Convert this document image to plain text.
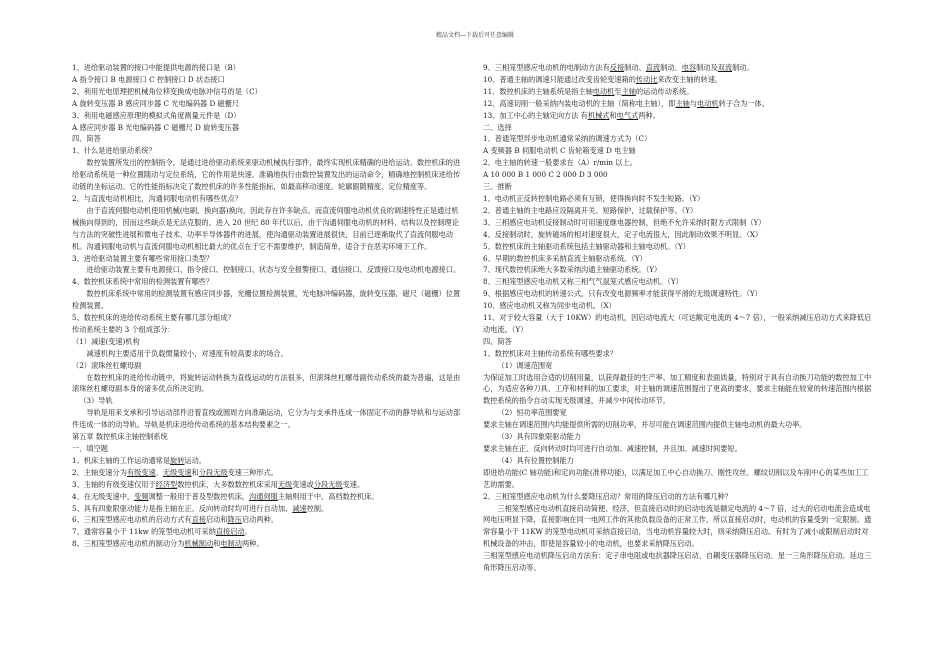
精品文档---下载后可任意编辑

1、进给驱动装置的接口中能提供电源的接口是（B）

A 指令接口 B 电源接口 C 控制接口 D 状态接口

2、利用光电原理把机械角位移变换成电脉冲信号的是（C）

A 旋转变压器 B 感应同步器 C 光电编码器 D 磁栅尺

3、利用电磁感应原理的模拟式角度测量元件是（D）

A 感应同步器 B 光电编码器 C 磁栅尺 D 旋转变压器

四、简答

1、什么是进给驱动系统？

数控装置所发出的控制指令，是通过进给驱动系统来驱动机械执行部件，最终实现机床精确的进给运动。数控机床的进给驱动系统是一种位置随动与定位系统，它的作用是快速、准确地执行由数控装置发出的运动命令，精确地控制机床进给传动链的坐标运动。它的性能指标决定了数控机床的许多性能指标，如最高移动速度、轮廓跟随精度、定位精度等。

2、与直流电动机相比，沟通伺服电动机有哪些优点？

由于直流伺服电动机使用机械(电刷、换向器)换向，因此存在许多缺点。而直流伺服电动机优良的调速特性正是通过机械换向得到的，因而这些缺点是无法克服的。进入 20 世纪 80 年代以后，由于沟通伺服电动机的材料、结构以及控制理论与方法的突破性进展和微电子技术、功率半导体器件的进展，使沟通驱动装置进展很快，目前已逐渐取代了直流伺服电动机。沟通伺服电动机与直流伺服电动机相比最大的优点在于它不需要维护，制造简单，适合于在恶劣环境下工作。

3、进给驱动装置主要有哪些常用接口类型？

进给驱动装置主要有电源接口、指令接口、控制接口、状态与安全报警接口、通信接口、反馈接口及电动机电源接口。

4、数控机床系统中常用的检测装置有哪些？

数控机床系统中常用的检测装置有感应同步器，光栅位置检测装置，光电脉冲编码器，旋转变压器，磁尺（磁栅）位置检测装置。

5、数控机床的进给传动系统主要有哪几部分组成？

传动系统主要的 3 个组成部分：

（1）减速(变速)机构

减速机构主要适用于负载惯量较小，对速度有较高要求的场合。

（2）滚珠丝杠螺母副

在数控机床的进给传动链中，将旋转运动转换为直线运动的方法很多，但滚珠丝杠螺母副传动系统的最为普遍，这是由滚珠丝杠螺母副本身的诸多优点所决定的。

（3）导轨

导轨是用来支承和引导运动部件沿着直线或圆周方向准确运动，它分为与支承件连成一体固定不动的静导轨和与运动部件连成一体的动导轨。导轨是机床进给传动系统的基本结构要素之一。

第五章 数控机床主轴控制系统

一、填空题

1、机床主轴的工作运动通常是旋转运动。

2、主轴变速分为有级变速、无级变速和分段无级变速三种形式。

3、主轴的有级变速仅用于经济型数控机床，大多数数控机床采用无级变速或分段无级变速。

4、在无级变速中，变频调整一般用于普及型数控机床，沟通伺服主轴则用于中、高档数控机床。

5、具有四象限驱动能力是指主轴在正、反向转动时均可进行自动加、减速控制。

6、三相笼型感应电动机的启动方式有直接启动和降压启动两种。

7、通常容量小于 11kw 的笼型电动机可采纳直接启动。

8、三相笼型感应电动机的制动分为机械制动和电制动两种。

9、三相笼型感应电动机的电制动方法有反接制动、直流制动、电容制动及双流制动。

10、普通主轴的调速只能通过改变齿轮变速箱的传动比来改变主轴的转速。

11、数控机床的主轴系统是指主轴电动机至主轴的运动传动系统。

12、高速切削一般采纳内装电动机的主轴（简称电主轴），即主轴与电动机转子合为一体。

13、加工中心的主轴定向方法 有机械式和电气式两种。

二、选择

1、普通笼型异步电动机通常采纳的调速方式为（C）

A 变频器 B 伺服电动机 C 齿轮箱变速 D 电主轴

2、电主轴的转速一般要求在（A）r/min 以上。

A 10 000 B 1 000 C 2 000 D 3 000

三、推断

1、电动机正反转控制电路必须有互锁，使得换向时不发生短路。（Y）

2、普通主轴的主电路应设隔离开关、短路保护，过载保护等。（Y）

3、三相感应电动机反接制动时可用速度继电器控制，但绝不允许采纳时限方式限制（Y）

4、反接制动时，旋转磁场的相对速度很大，定子电流很大，因此制动效果不明显。（X）

5、数控机床的主轴驱动系统包括主轴驱动器和主轴电动机。（Y）

6、早期的数控机床多采纳直流主轴驱动系统。（Y）

7、现代数控机床绝大多数采纳沟通主轴驱动系统。（Y）

8、三相笼型感应电动机又称三相气气鼠笼式感应电动机。（Y）

9、根据感应电动机的转速公式，只有改变电源频率才能获得平滑的无级调速特性。（Y）

10、感应电动机又称为同步电动机。（X）

11、对于较大容量（大于 10KW）的电动机，因启动电流大（可达额定电流的 4～7 倍），一般采纳减压启动方式来降低启动电流。（Y）

四、简答

1、数控机床对主轴传动系统有哪些要求？

（1）调速范围宽

为保证加工时选用合适的切削用量，以获得最佳的生产率、加工精度和表面质量，特别对于具有自动换刀功能的数控加工中心，为适应各种刀具、工序和材料的加工要求，对主轴的调速范围提出了更高的要求，要求主轴能在较宽的转速范围内根据数控系统的指令自动实现无级调速，并减少中间传动环节。

（2）恒功率范围要宽

要求主轴在调速范围内均能提供所需的切削功率，并尽可能在调速范围内提供主轴电动机的最大功率。

（3）具有四象限驱动能力

要求主轴在正、反向转动时均可进行自动加、减速控制，并且加、减速时间要短。

（4）具有位置控制能力

即进给功能(C 轴功能)和定向功能(准停功能)，以满足加工中心自动换刀、刚性攻丝、螺纹切削以及车削中心的某些加工工艺的需要。

2、三相笼型感应电动机为什么要降压启动？常用的降压启动的方法有哪几种？

三相笼型感应电动机直接启动简便、经济，但直接启动时的启动电流是额定电流的 4～7 倍，过大的启动电流会造成电网电压明显下降，直接影响在同一电网工作的其他负载设备的正常工作，所以直接启动时，电动机的容量受到一定限制。通常容量小于 11KW 的笼型电动机可采纳直接启动，当电动机容量较大时，则采纳降压启动。有时为了减小或限制启动时对机械设备的冲击，即使是容量较小的电动机，也要求采纳降压启动。

三相笼型感应电动机降压启动方法有：定子串电阻或电抗器降压启动、自耦变压器降压启动、星一三角形降压启动、延边三角形降压启动等。
